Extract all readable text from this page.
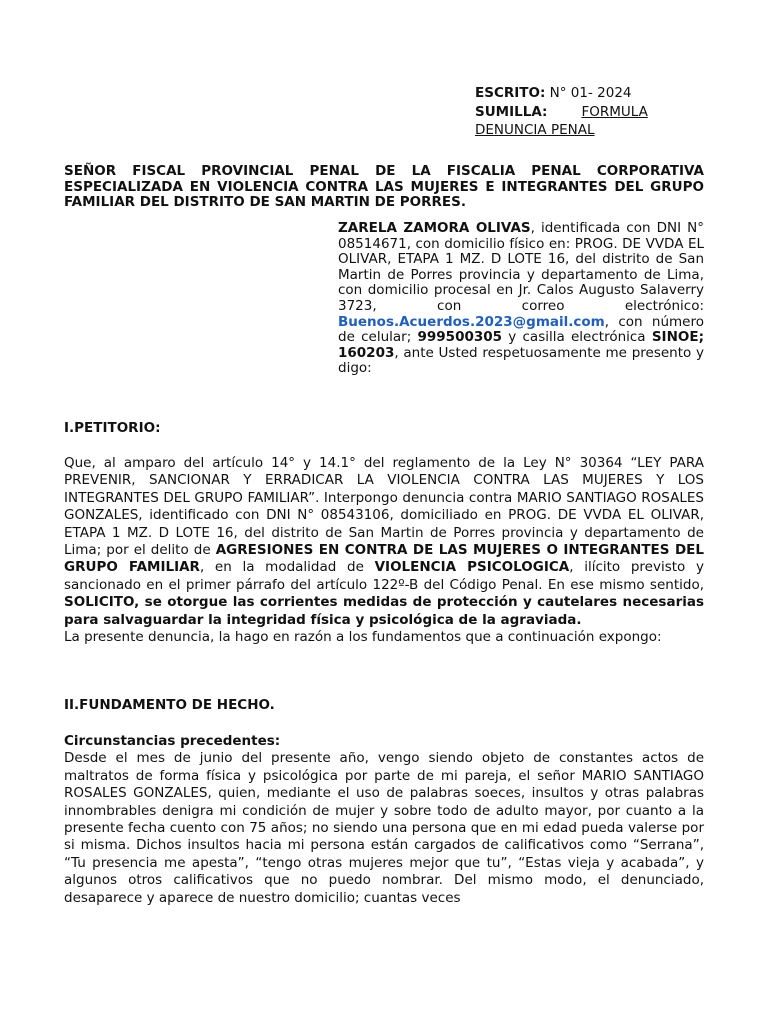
ESCRITO: N° 01- 2024
SUMILLA:	FORMULA
DENUNCIA PENAL
SEÑOR FISCAL PROVINCIAL PENAL DE LA FISCALIA PENAL CORPORATIVA ESPECIALIZADA EN VIOLENCIA CONTRA LAS MUJERES E INTEGRANTES DEL GRUPO FAMILIAR DEL DISTRITO DE SAN MARTIN DE PORRES.
ZARELA ZAMORA OLIVAS, identificada con DNI N° 08514671, con domicilio físico en: PROG. DE VVDA EL OLIVAR, ETAPA 1 MZ. D LOTE 16, del distrito de San Martin de Porres provincia y departamento de Lima, con domicilio procesal en Jr. Calos Augusto Salaverry 3723, con correo electrónico: Buenos.Acuerdos.2023@gmail.com, con número de celular; 999500305 y casilla electrónica SINOE; 160203, ante Usted respetuosamente me presento y digo:
I.PETITORIO:
Que, al amparo del artículo 14° y 14.1° del reglamento de la Ley N° 30364 “LEY PARA PREVENIR, SANCIONAR Y ERRADICAR LA VIOLENCIA CONTRA LAS MUJERES Y LOS INTEGRANTES DEL GRUPO FAMILIAR”. Interpongo denuncia contra MARIO SANTIAGO ROSALES GONZALES, identificado con DNI N° 08543106, domiciliado en PROG. DE VVDA EL OLIVAR, ETAPA 1 MZ. D LOTE 16, del distrito de San Martin de Porres provincia y departamento de Lima; por el delito de AGRESIONES EN CONTRA DE LAS MUJERES O INTEGRANTES DEL GRUPO FAMILIAR, en la modalidad de VIOLENCIA PSICOLOGICA, ilícito previsto y sancionado en el primer párrafo del artículo 122º-B del Código Penal. En ese mismo sentido, SOLICITO, se otorgue las corrientes medidas de protección y cautelares necesarias para salvaguardar la integridad física y psicológica de la agraviada.
La presente denuncia, la hago en razón a los fundamentos que a continuación expongo:
II.FUNDAMENTO DE HECHO.
Circunstancias precedentes:
Desde el mes de junio del presente año, vengo siendo objeto de constantes actos de maltratos de forma física y psicológica por parte de mi pareja, el señor MARIO SANTIAGO ROSALES GONZALES, quien, mediante el uso de palabras soeces, insultos y otras palabras innombrables denigra mi condición de mujer y sobre todo de adulto mayor, por cuanto a la presente fecha cuento con 75 años; no siendo una persona que en mi edad pueda valerse por si misma. Dichos insultos hacia mi persona están cargados de calificativos como “Serrana”, “Tu presencia me apesta”, “tengo otras mujeres mejor que tu”, “Estas vieja y acabada”, y algunos otros calificativos que no puedo nombrar. Del mismo modo, el denunciado, desaparece y aparece de nuestro domicilio; cuantas veces
